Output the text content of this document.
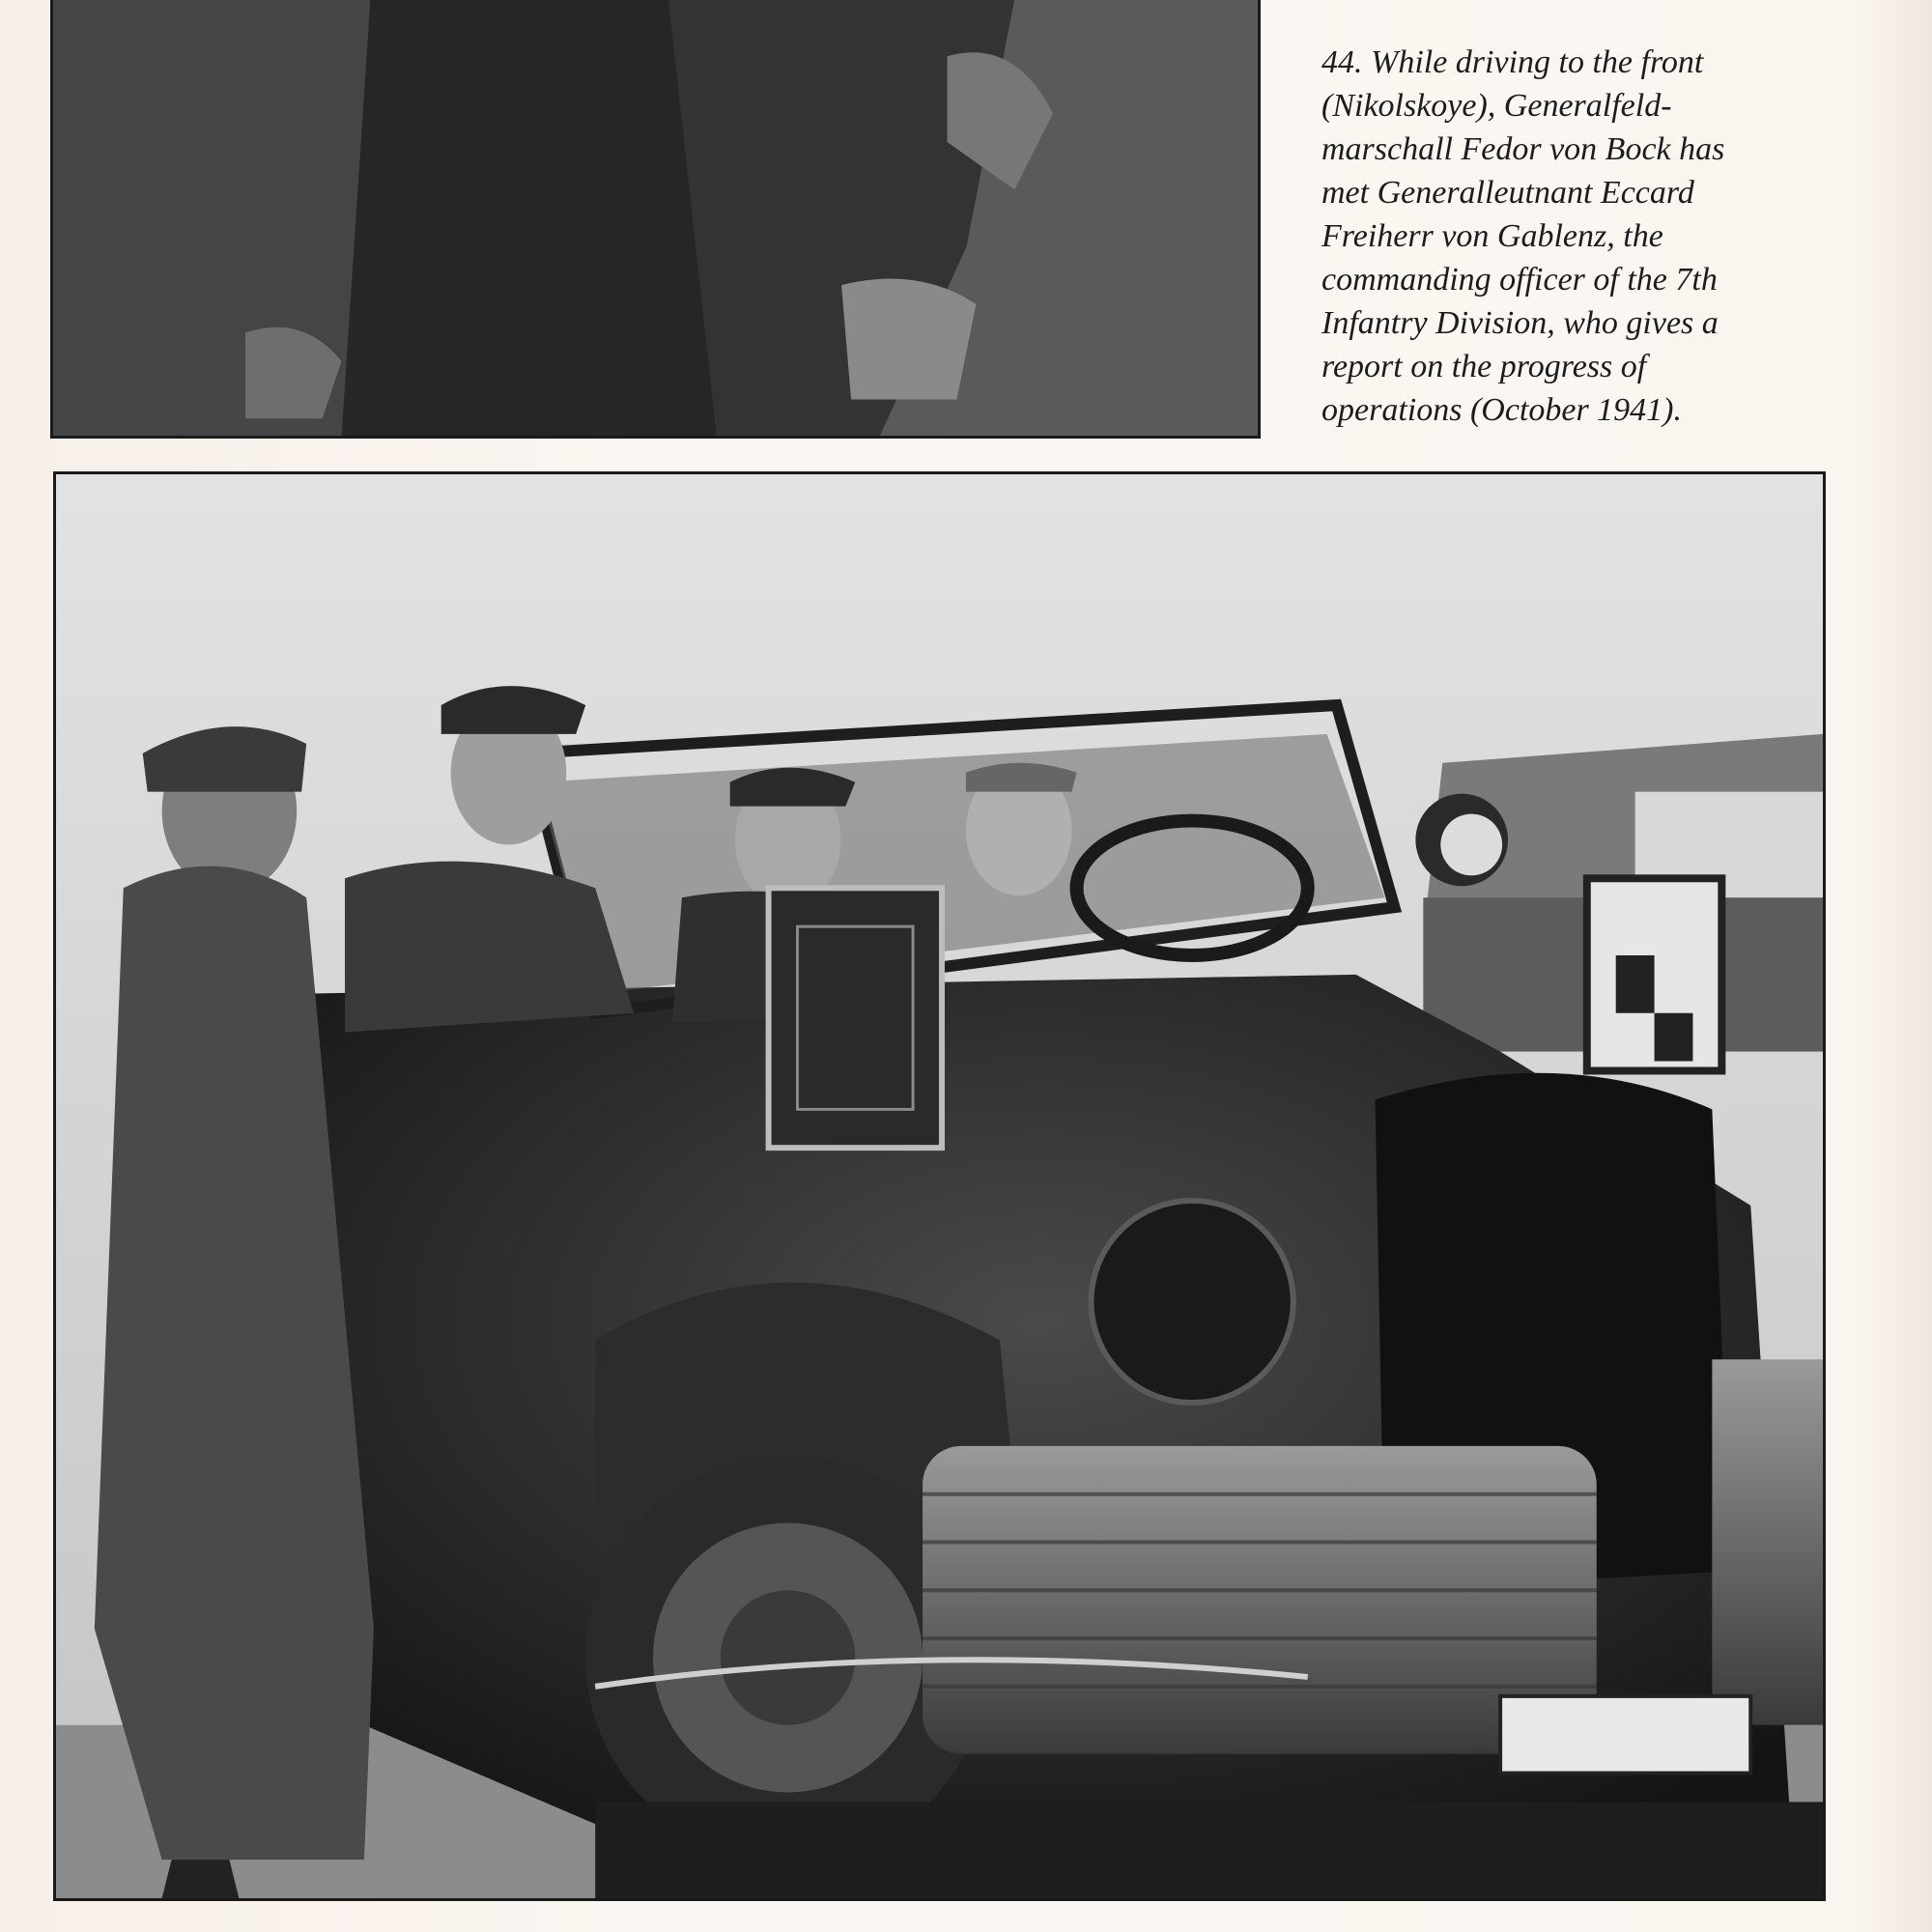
44. While driving to the front (Nikolskoye), Generalfeld-marschall Fedor von Bock has met Generalleutnant Eccard Freiherr von Gablenz, the commanding officer of the 7th Infantry Division, who gives a report on the progress of operations (October 1941).
